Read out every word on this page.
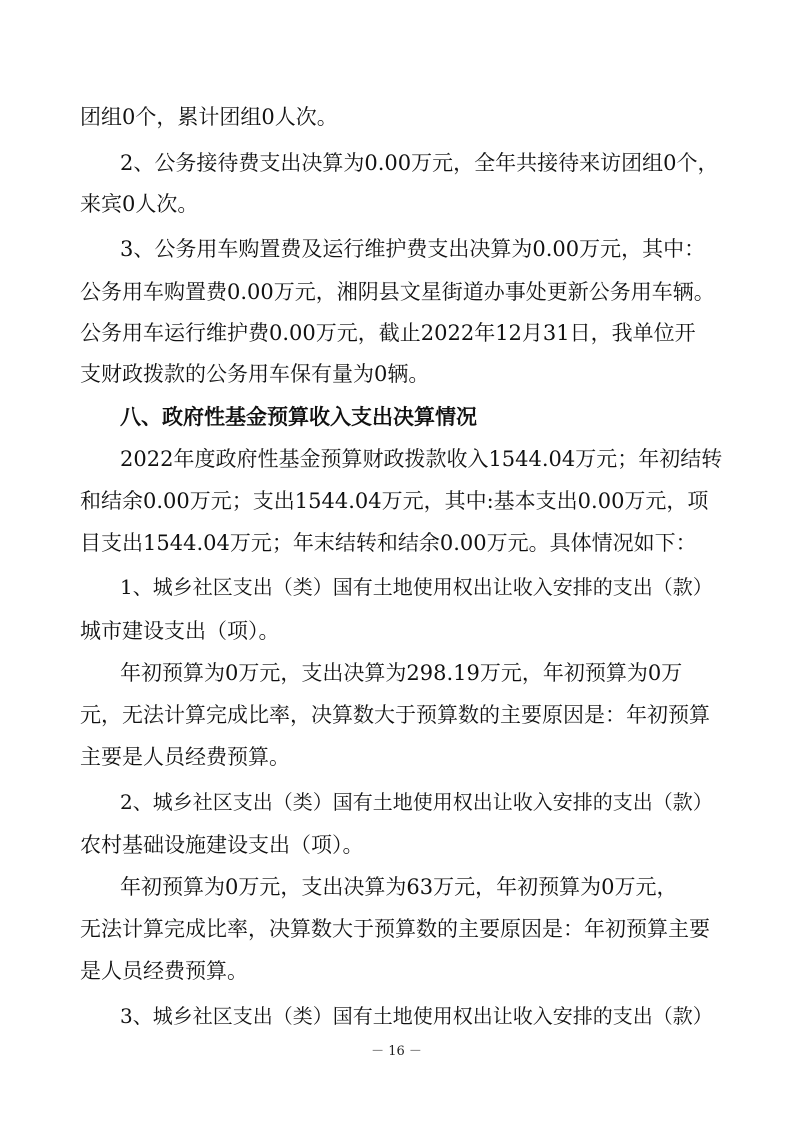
团组0个，累计团组0人次。
2、公务接待费支出决算为0.00万元，全年共接待来访团组0个，
来宾0人次。
3、公务用车购置费及运行维护费支出决算为0.00万元，其中：
公务用车购置费0.00万元，湘阴县文星街道办事处更新公务用车辆。
公务用车运行维护费0.00万元，截止2022年12月31日，我单位开
支财政拨款的公务用车保有量为0辆。
八、政府性基金预算收入支出决算情况
2022年度政府性基金预算财政拨款收入1544.04万元；年初结转
和结余0.00万元；支出1544.04万元，其中:基本支出0.00万元，项
目支出1544.04万元；年末结转和结余0.00万元。具体情况如下：
1、城乡社区支出（类）国有土地使用权出让收入安排的支出（款）
城市建设支出（项）。
年初预算为0万元，支出决算为298.19万元，年初预算为0万
元，无法计算完成比率，决算数大于预算数的主要原因是：年初预算
主要是人员经费预算。
2、城乡社区支出（类）国有土地使用权出让收入安排的支出（款）
农村基础设施建设支出（项）。
年初预算为0万元，支出决算为63万元，年初预算为0万元，
无法计算完成比率，决算数大于预算数的主要原因是：年初预算主要
是人员经费预算。
3、城乡社区支出（类）国有土地使用权出让收入安排的支出（款）
－ 16 －
